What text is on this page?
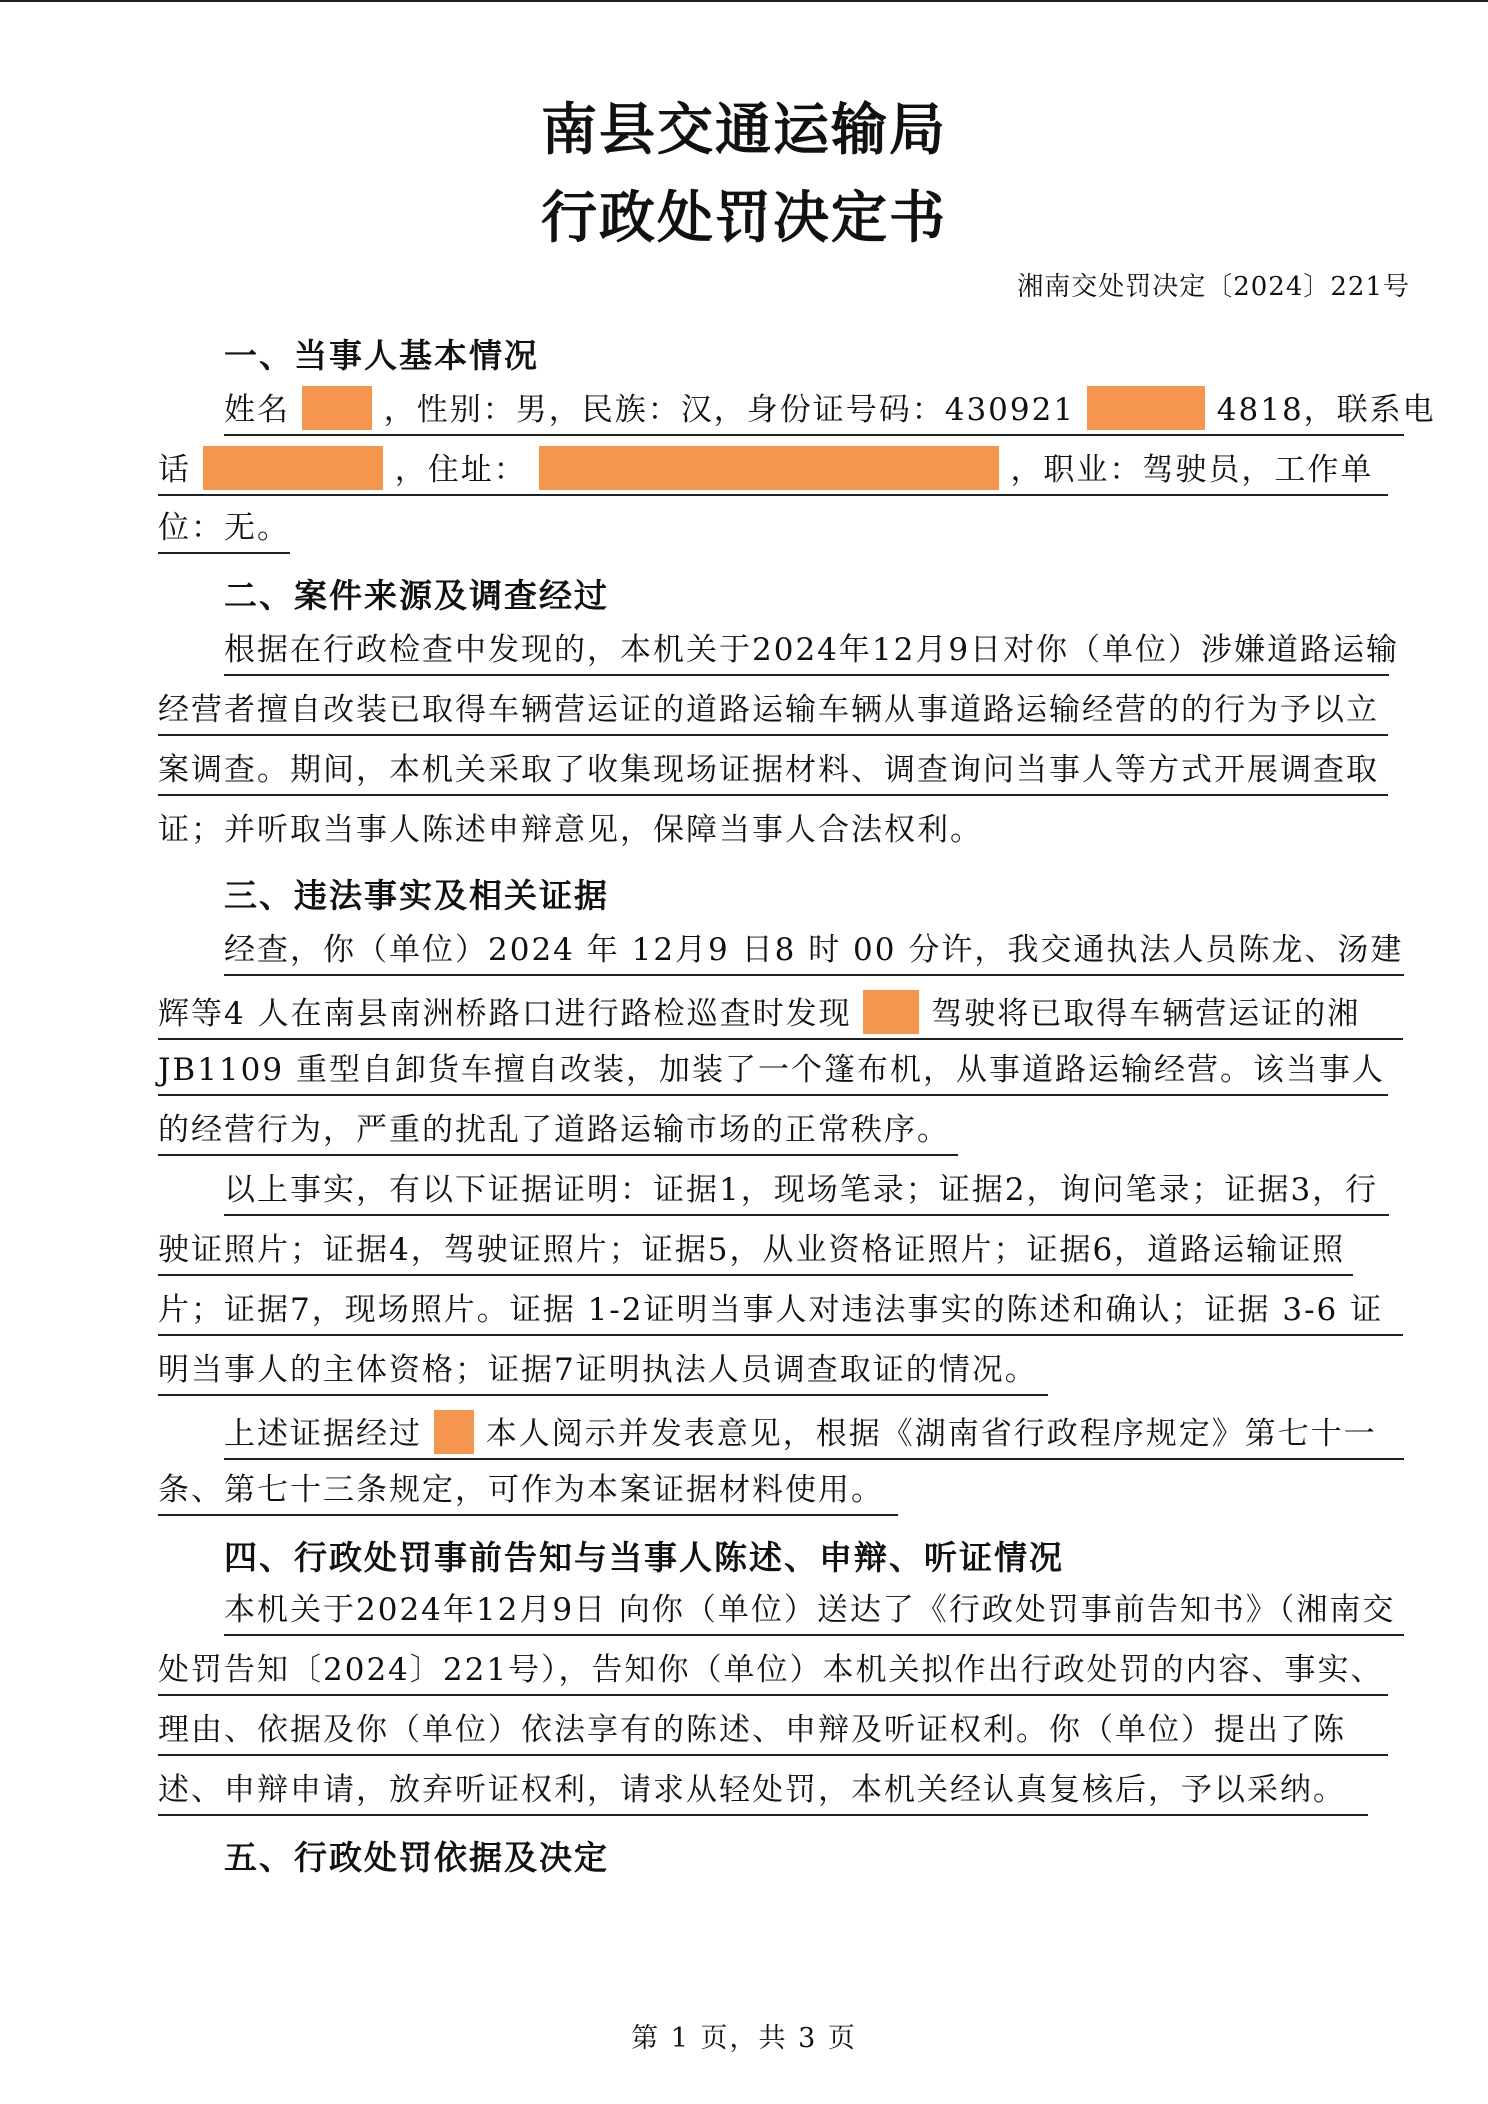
南县交通运输局
行政处罚决定书
湘南交处罚决定〔2024〕221号
一、当事人基本情况
姓名	，性别：男，民族：汉，身份证号码：430921	4818，联系电
话	，住址：	，职业：驾驶员，工作单
位：无。
二、案件来源及调查经过
根据在行政检查中发现的，本机关于2024年12月9日对你（单位）涉嫌道路运输
经营者擅自改装已取得车辆营运证的道路运输车辆从事道路运输经营的的行为予以立
案调查。期间，本机关采取了收集现场证据材料、调查询问当事人等方式开展调查取
证；并听取当事人陈述申辩意见，保障当事人合法权利。
三、违法事实及相关证据
经查，你（单位）2024 年 12月9 日8 时 00 分许，我交通执法人员陈龙、汤建
辉等4 人在南县南洲桥路口进行路检巡查时发现	驾驶将已取得车辆营运证的湘
JB1109 重型自卸货车擅自改装，加装了一个篷布机，从事道路运输经营。该当事人
的经营行为，严重的扰乱了道路运输市场的正常秩序。
以上事实，有以下证据证明：证据1，现场笔录；证据2，询问笔录；证据3，行
驶证照片；证据4，驾驶证照片；证据5，从业资格证照片；证据6，道路运输证照
片；证据7，现场照片。证据 1-2证明当事人对违法事实的陈述和确认；证据 3-6 证
明当事人的主体资格；证据7证明执法人员调查取证的情况。
上述证据经过 本人阅示并发表意见，根据《湖南省行政程序规定》第七十一
条、第七十三条规定，可作为本案证据材料使用。
四、行政处罚事前告知与当事人陈述、申辩、听证情况
本机关于2024年12月9日 向你（单位）送达了《行政处罚事前告知书》（湘南交
处罚告知〔2024〕221号），告知你（单位）本机关拟作出行政处罚的内容、事实、
理由、依据及你（单位）依法享有的陈述、申辩及听证权利。你（单位）提出了陈
述、申辩申请，放弃听证权利，请求从轻处罚，本机关经认真复核后，予以采纳。
五、行政处罚依据及决定
第 1 页，共 3 页
